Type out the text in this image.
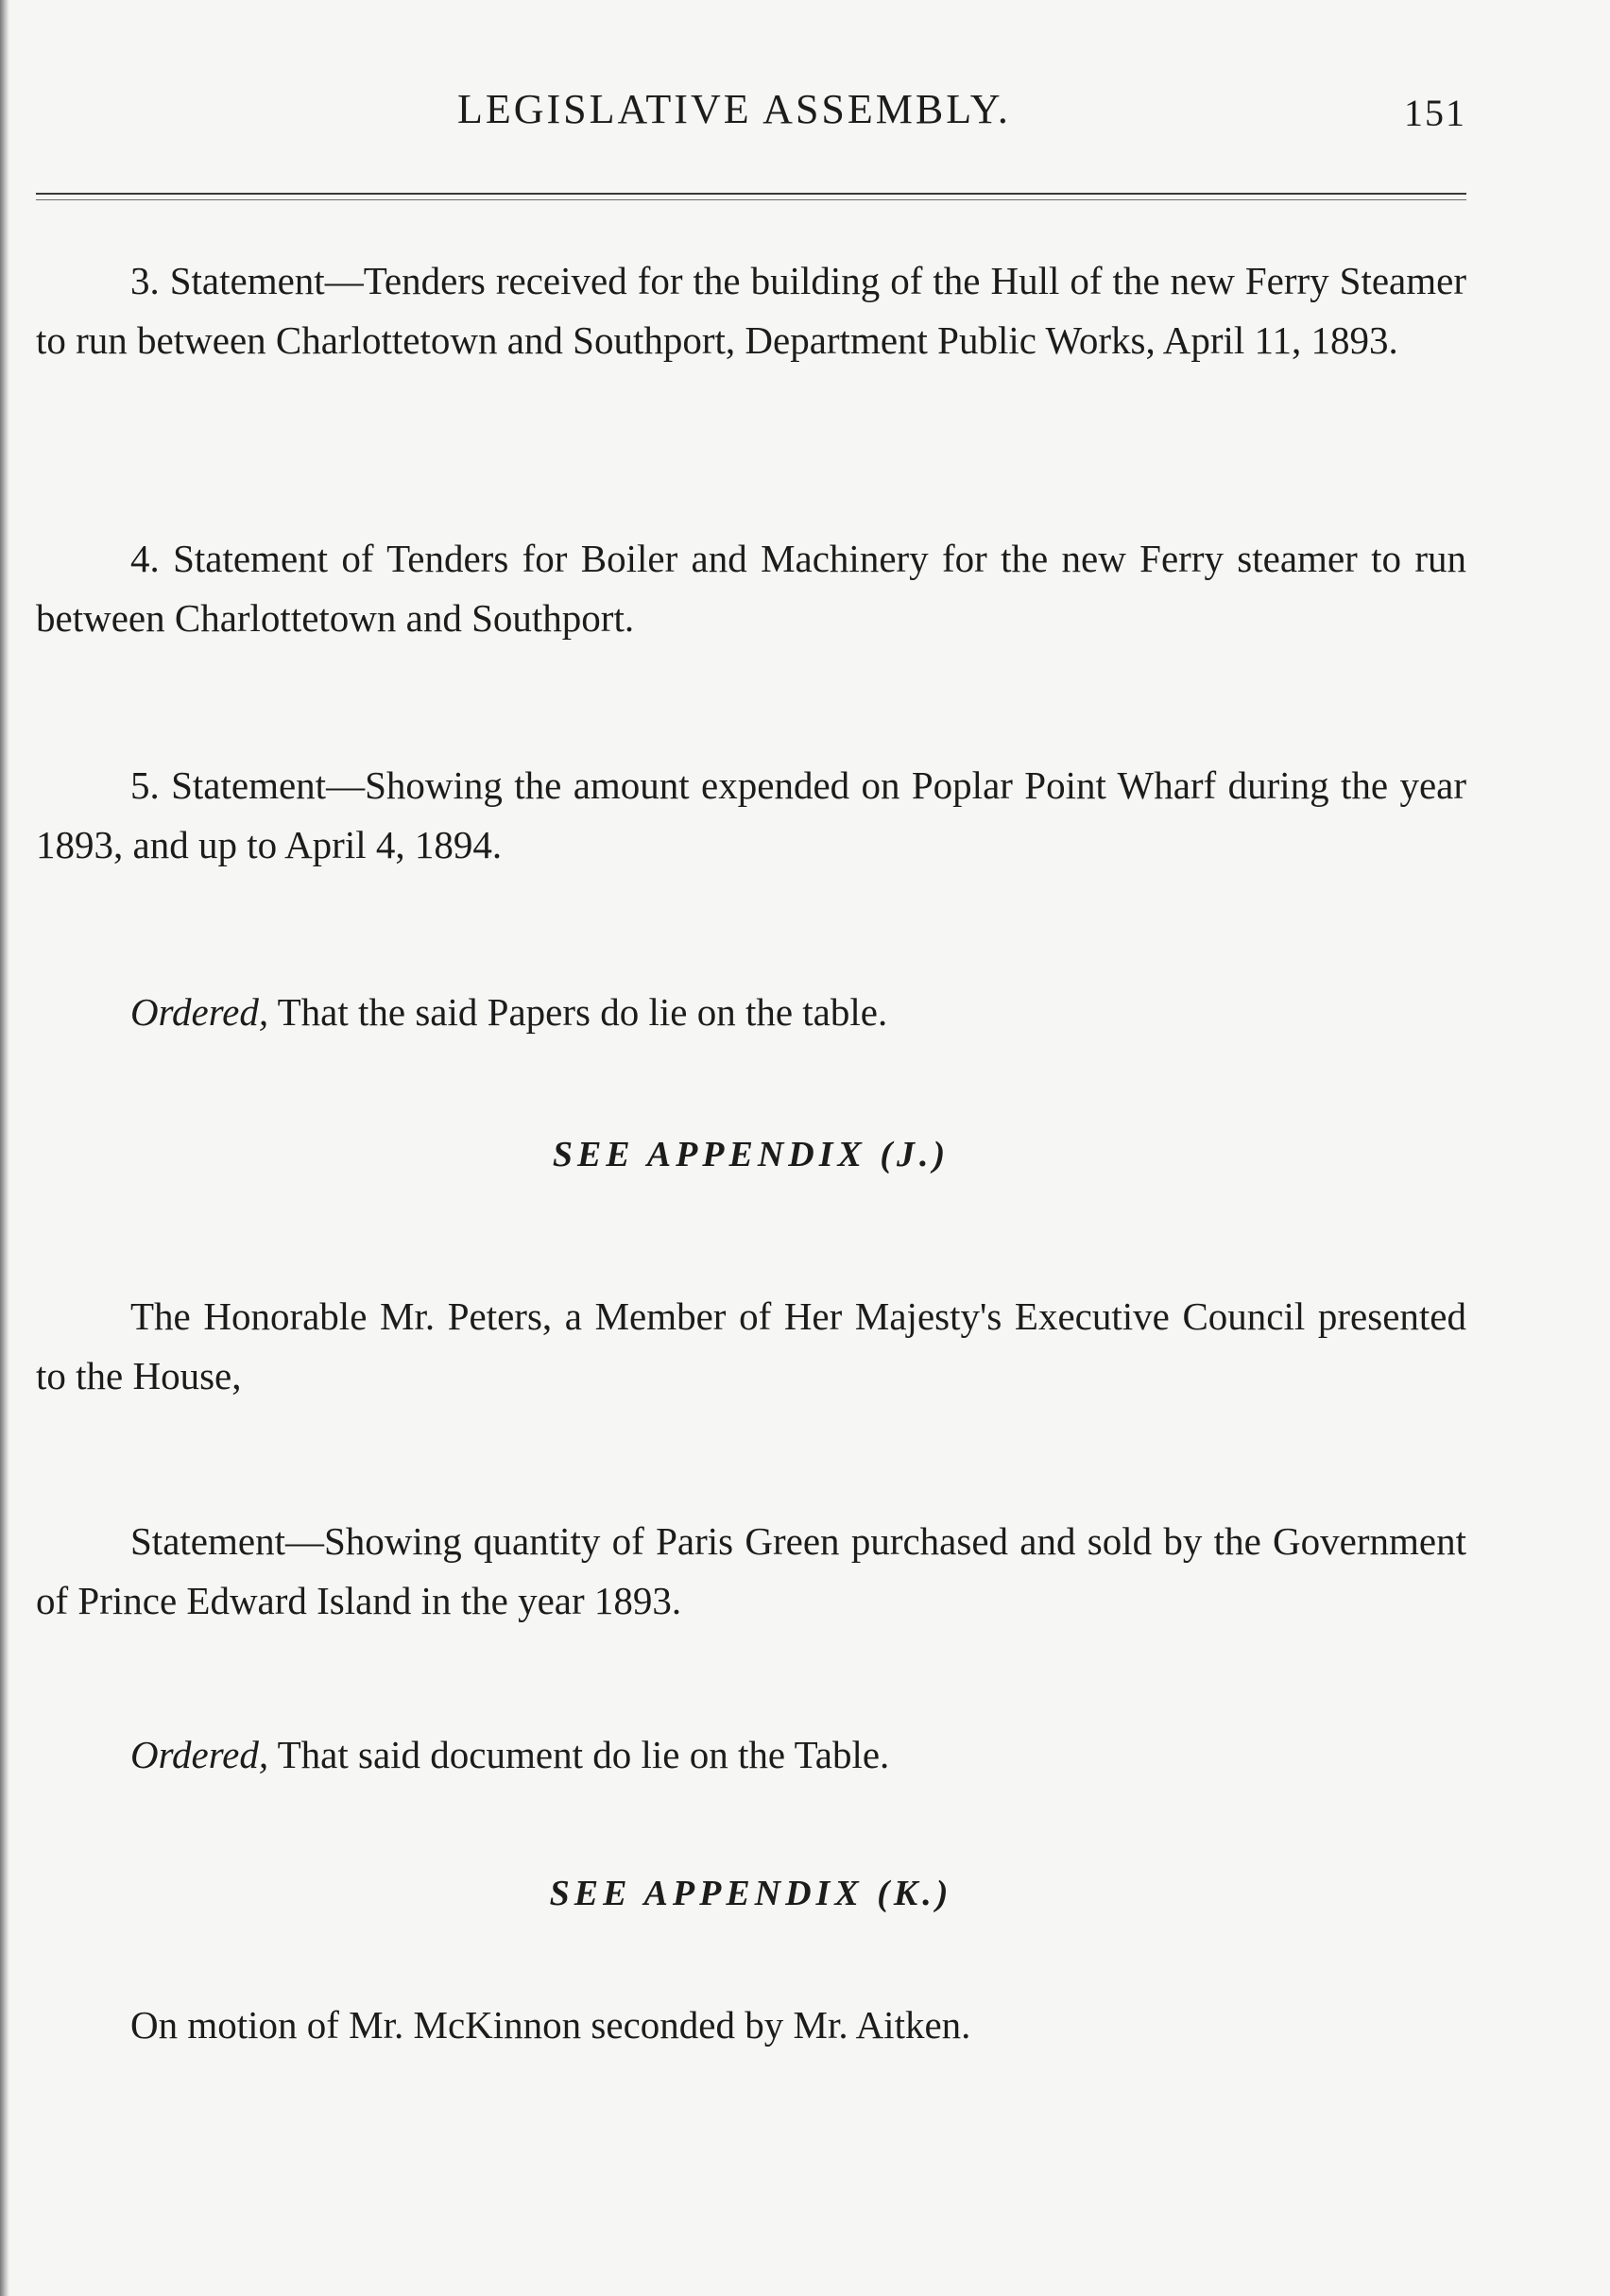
LEGISLATIVE ASSEMBLY.	151

3. Statement—Tenders received for the building of the Hull of the new Ferry Steamer to run between Charlottetown and Southport, Department Public Works, April 11, 1893.

4. Statement of Tenders for Boiler and Machinery for the new Ferry steamer to run between Charlottetown and Southport.

5. Statement—Showing the amount expended on Poplar Point Wharf during the year 1893, and up to April 4, 1894.

Ordered, That the said Papers do lie on the table.

SEE APPENDIX (J.)

The Honorable Mr. Peters, a Member of Her Majesty's Executive Council presented to the House,

Statement—Showing quantity of Paris Green purchased and sold by the Government of Prince Edward Island in the year 1893.

Ordered, That said document do lie on the Table.

SEE APPENDIX (K.)

On motion of Mr. McKinnon seconded by Mr. Aitken.
